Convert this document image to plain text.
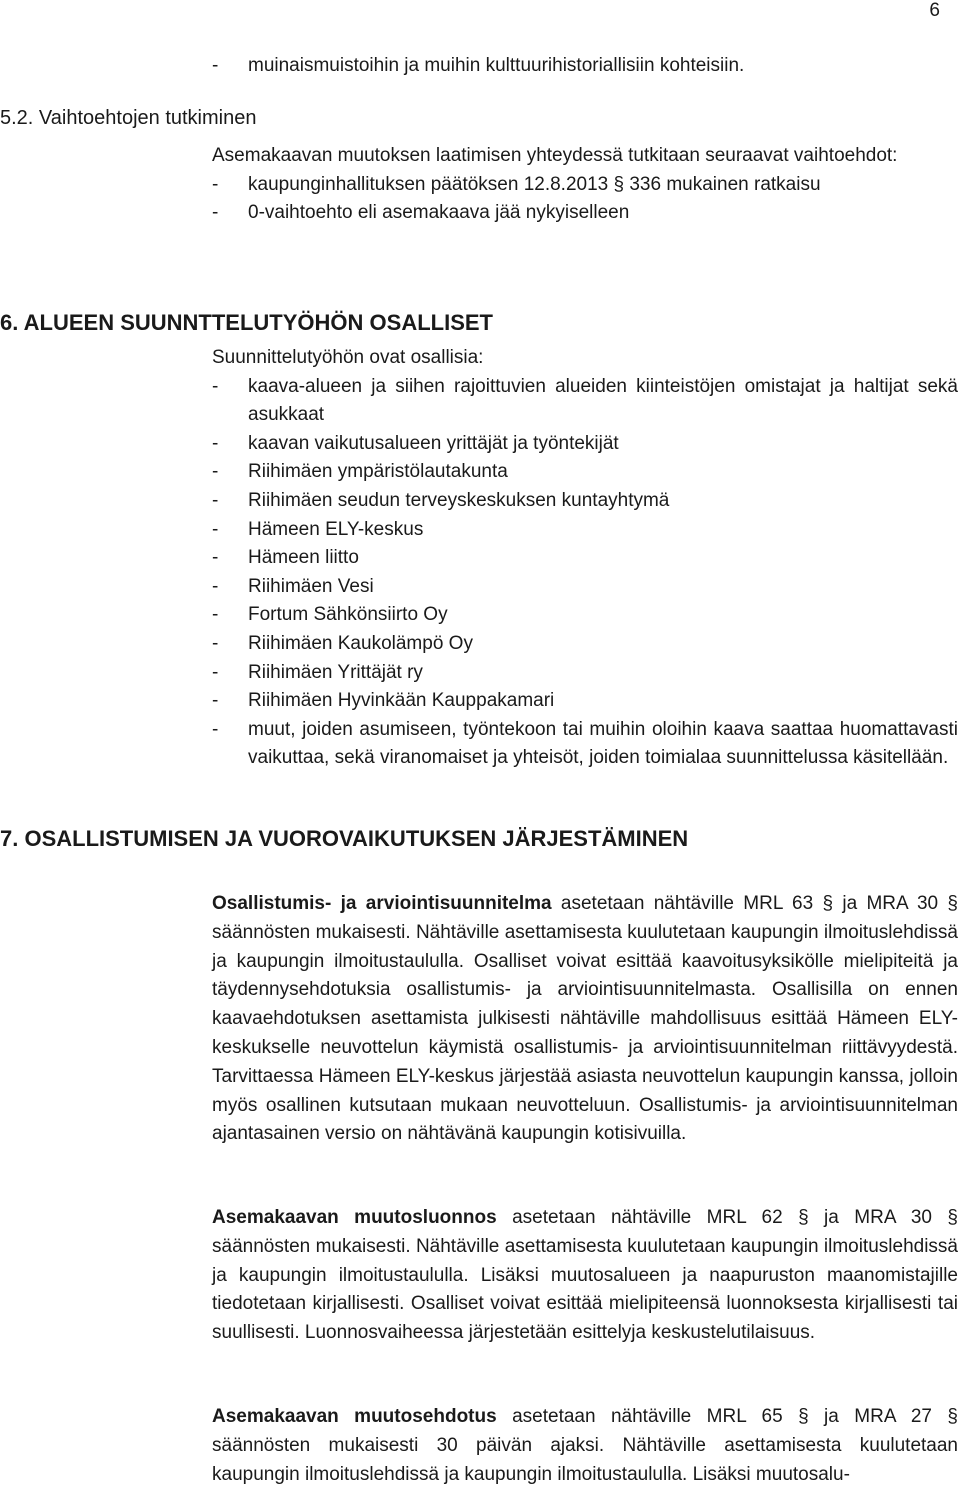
6
-	muinaismuistoihin ja muihin kulttuurihistoriallisiin kohteisiin.
5.2. Vaihtoehtojen tutkiminen
Asemakaavan muutoksen laatimisen yhteydessä tutkitaan seuraavat vaihtoehdot:
-	kaupunginhallituksen päätöksen 12.8.2013 § 336 mukainen ratkaisu
-	0-vaihtoehto eli asemakaava jää nykyiselleen
6. ALUEEN SUUNNTTELUTYÖHÖN OSALLISET
Suunnittelutyöhön ovat osallisia:
-	kaava-alueen ja siihen rajoittuvien alueiden kiinteistöjen omistajat ja haltijat sekä asukkaat
-	kaavan vaikutusalueen yrittäjät ja työntekijät
-	Riihimäen ympäristölautakunta
-	Riihimäen seudun terveyskeskuksen kuntayhtymä
-	Hämeen ELY-keskus
-	Hämeen liitto
-	Riihimäen Vesi
-	Fortum Sähkönsiirto Oy
-	Riihimäen Kaukolämpö Oy
-	Riihimäen Yrittäjät ry
-	Riihimäen Hyvinkään Kauppakamari
-	muut, joiden asumiseen, työntekoon tai muihin oloihin kaava saattaa huomattavasti vaikuttaa, sekä viranomaiset ja yhteisöt, joiden toimialaa suunnittelussa käsitellään.
7. OSALLISTUMISEN JA VUOROVAIKUTUKSEN JÄRJESTÄMINEN
Osallistumis- ja arviointisuunnitelma asetetaan nähtäville MRL 63 § ja MRA 30 § säännösten mukaisesti. Nähtäville asettamisesta kuulutetaan kaupungin ilmoituslehdissä ja kaupungin ilmoitustaululla. Osalliset voivat esittää kaavoitusyksikölle mielipiteitä ja täydennysehdotuksia osallistumis- ja arviointisuunnitelmasta. Osallisilla on ennen kaavaehdotuksen asettamista julkisesti nähtäville mahdollisuus esittää Hämeen ELY-keskukselle neuvottelun käymistä osallistumis- ja arviointisuunnitelman riittävyydestä. Tarvittaessa Hämeen ELY-keskus järjestää asiasta neuvottelun kaupungin kanssa, jolloin myös osallinen kutsutaan mukaan neuvotteluun. Osallistumis- ja arviointisuunnitelman ajantasainen versio on nähtävänä kaupungin kotisivuilla.
Asemakaavan muutosluonnos asetetaan nähtäville MRL 62 § ja MRA 30 § säännösten mukaisesti. Nähtäville asettamisesta kuulutetaan kaupungin ilmoituslehdissä ja kaupungin ilmoitustaululla. Lisäksi muutosalueen ja naapuruston maanomistajille tiedotetaan kirjallisesti. Osalliset voivat esittää mielipiteensä luonnoksesta kirjallisesti tai suullisesti. Luonnosvaiheessa järjestetään esittelyja keskustelutilaisuus.
Asemakaavan muutosehdotus asetetaan nähtäville MRL 65 § ja MRA 27 § säännösten mukaisesti 30 päivän ajaksi. Nähtäville asettamisesta kuulutetaan kaupungin ilmoituslehdissä ja kaupungin ilmoitustaululla. Lisäksi muutosalu-
